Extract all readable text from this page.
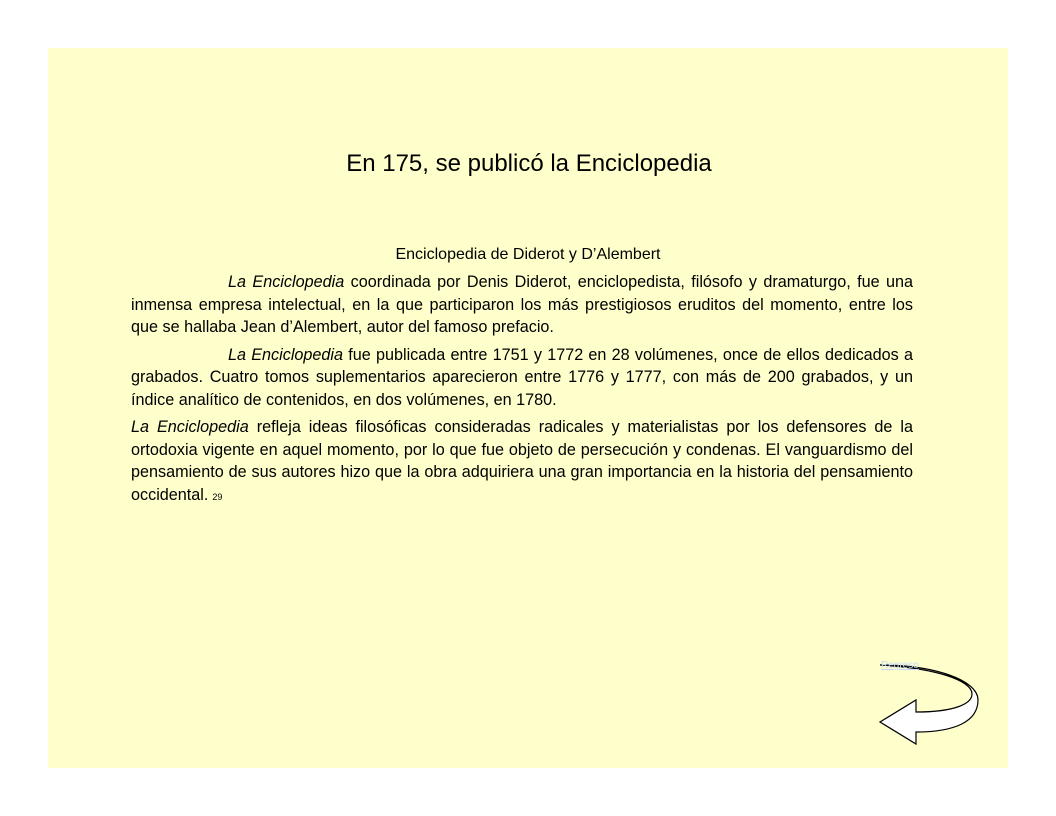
En 175, se publicó la Enciclopedia

Enciclopedia de Diderot y D’Alembert

La Enciclopedia coordinada por Denis Diderot, enciclopedista, filósofo y dramaturgo, fue una inmensa empresa intelectual, en la que participaron los más prestigiosos eruditos del momento, entre los que se hallaba Jean d’Alembert, autor del famoso prefacio.

La Enciclopedia fue publicada entre 1751 y 1772 en 28 volúmenes, once de ellos dedicados a grabados. Cuatro tomos suplementarios aparecieron entre 1776 y 1777, con más de 200 grabados, y un índice analítico de contenidos, en dos volúmenes, en 1780.

La Enciclopedia refleja ideas filosóficas consideradas radicales y materialistas por los defensores de la ortodoxia vigente en aquel momento, por lo que fue objeto de persecución y condenas. El vanguardismo del pensamiento de sus autores hizo que la obra adquiriera una gran importancia en la historia del pensamiento occidental. 29

Regreso
